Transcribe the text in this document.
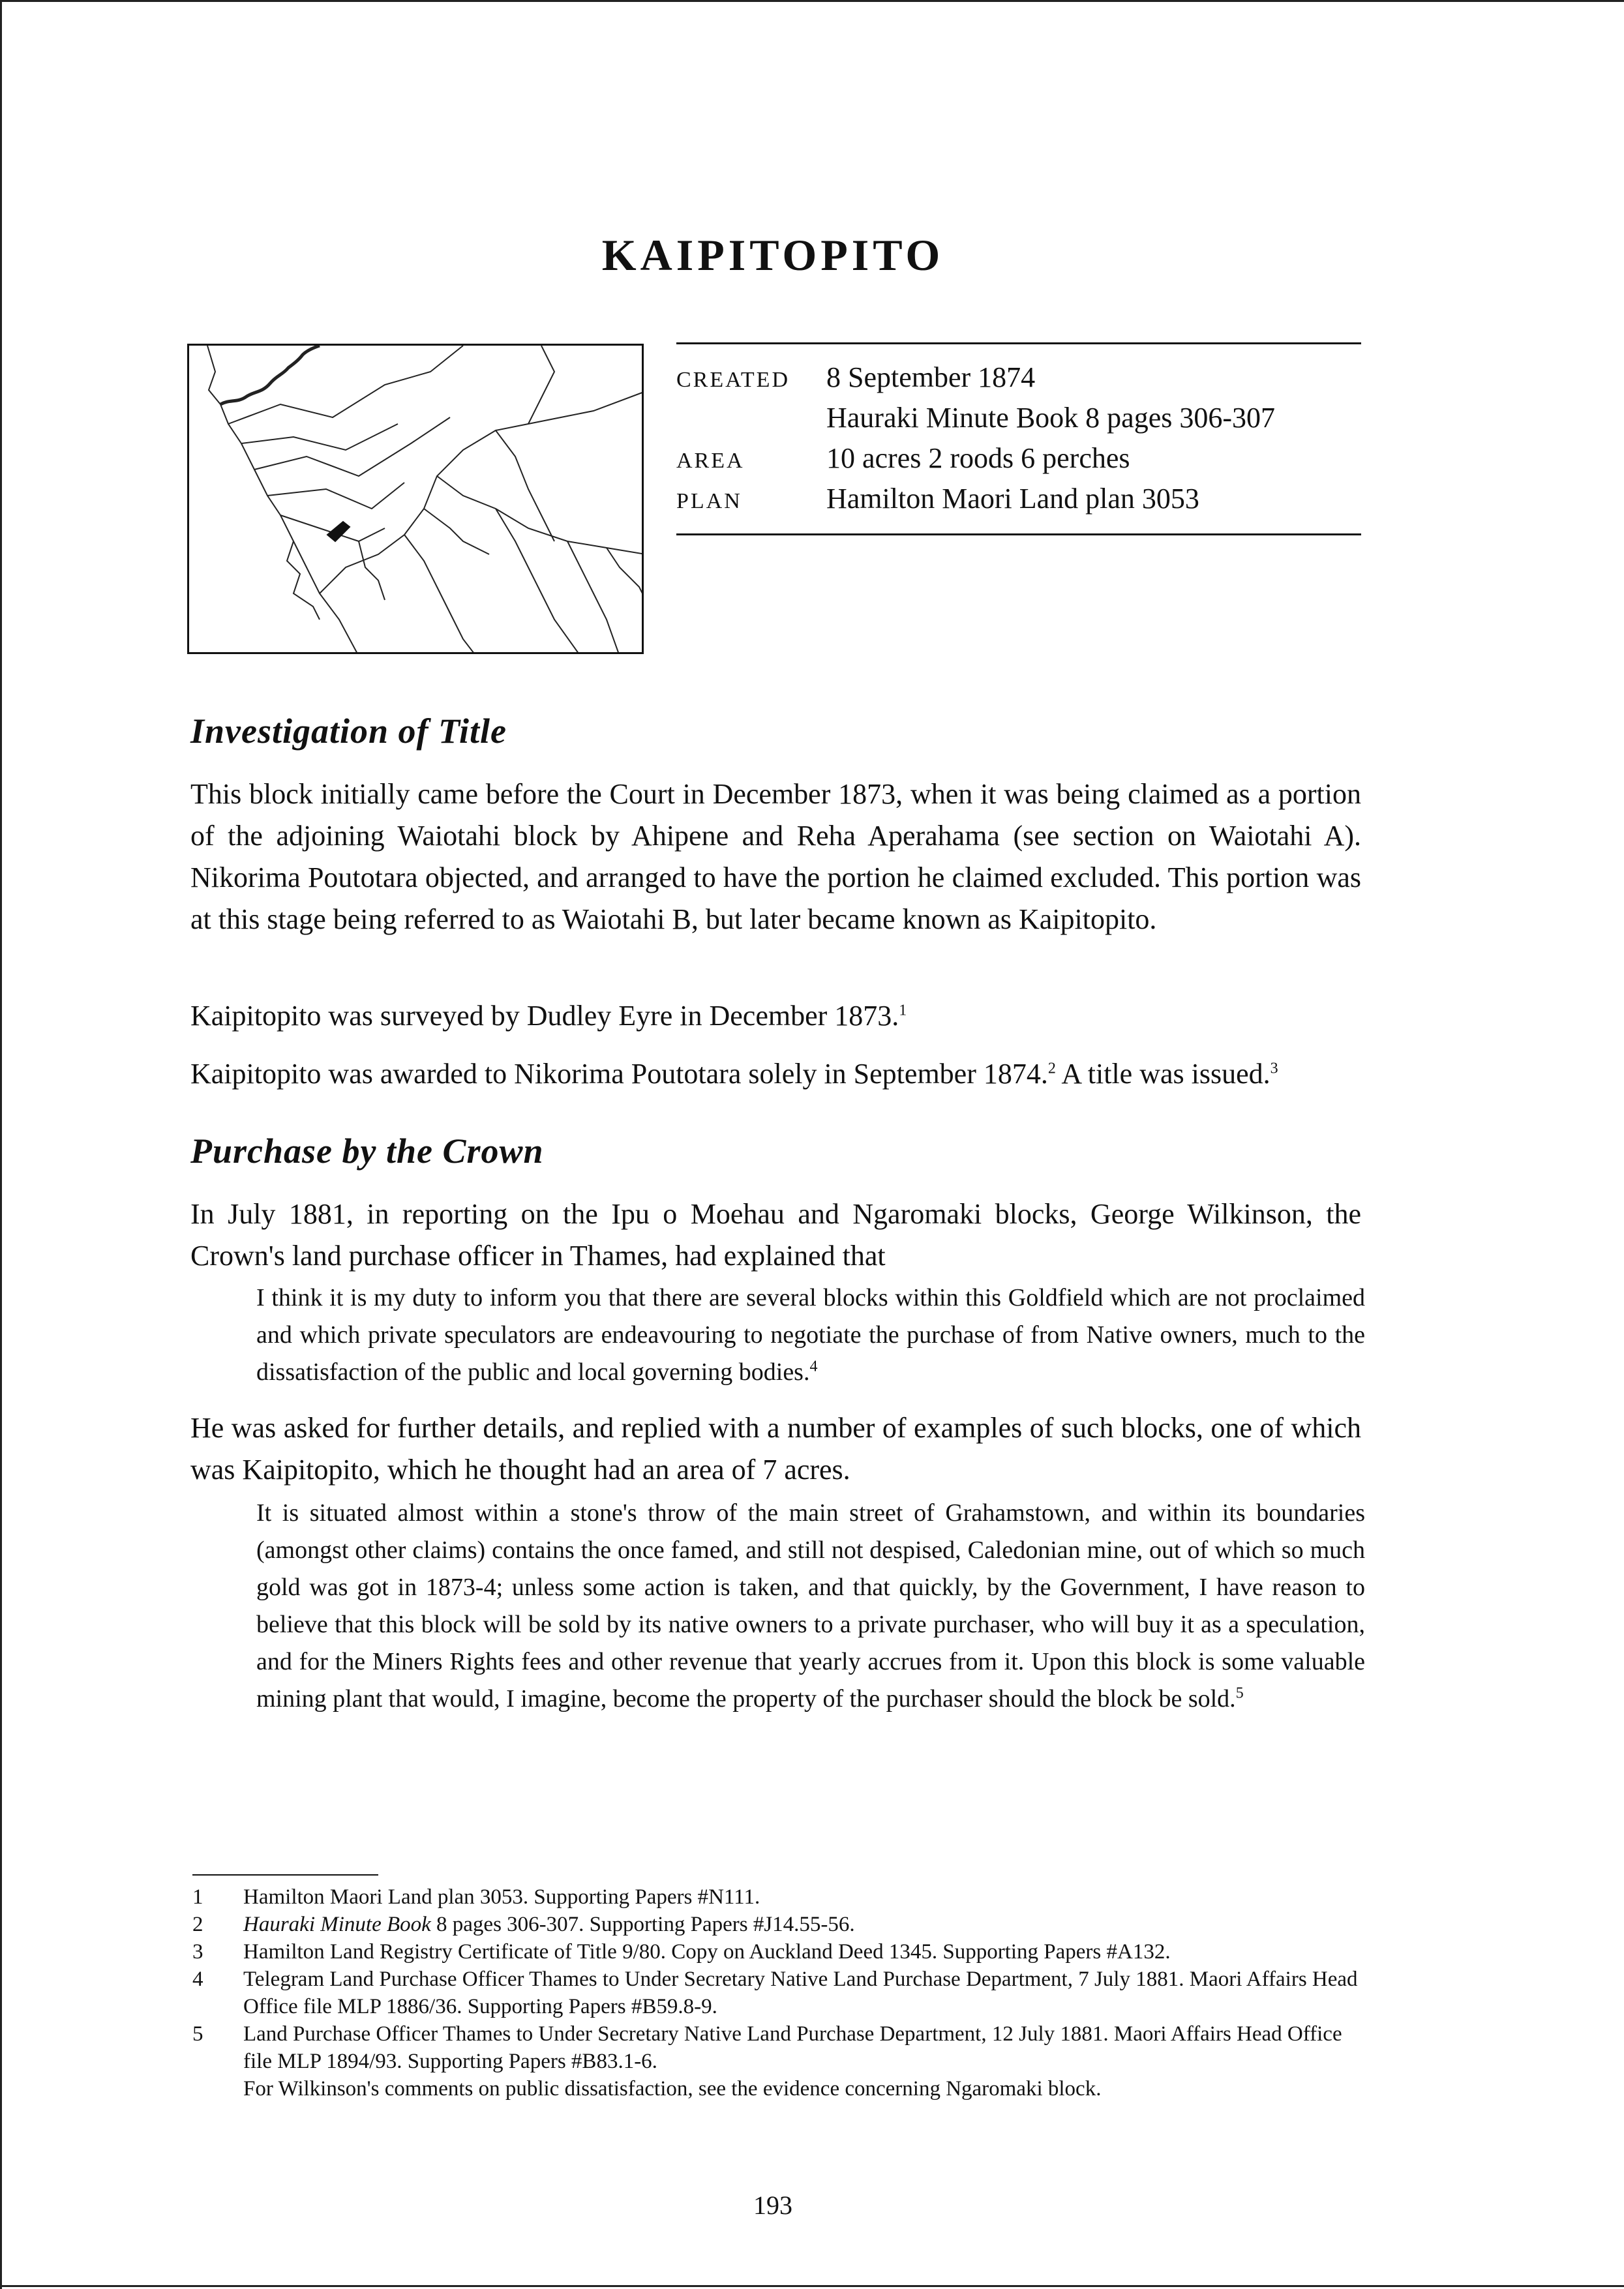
KAIPITOPITO
CREATED	8 September 1874
Hauraki Minute Book 8 pages 306-307
AREA	10 acres 2 roods 6 perches
PLAN	Hamilton Maori Land plan 3053
Investigation of Title

This block initially came before the Court in December 1873, when it was being claimed as a portion of the adjoining Waiotahi block by Ahipene and Reha Aperahama (see section on Waiotahi A). Nikorima Poutotara objected, and arranged to have the portion he claimed excluded. This portion was at this stage being referred to as Waiotahi B, but later became known as Kaipitopito.

Kaipitopito was surveyed by Dudley Eyre in December 1873.$^1$

Kaipitopito was awarded to Nikorima Poutotara solely in September 1874.$^2$ A title was issued.$^3$

Purchase by the Crown

In July 1881, in reporting on the Ipu o Moehau and Ngaromaki blocks, George Wilkinson, the Crown's land purchase officer in Thames, had explained that

I think it is my duty to inform you that there are several blocks within this Goldfield which are not proclaimed and which private speculators are endeavouring to negotiate the purchase of from Native owners, much to the dissatisfaction of the public and local governing bodies.$^4$

He was asked for further details, and replied with a number of examples of such blocks, one of which was Kaipitopito, which he thought had an area of 7 acres.

It is situated almost within a stone's throw of the main street of Grahamstown, and within its boundaries (amongst other claims) contains the once famed, and still not despised, Caledonian mine, out of which so much gold was got in 1873-4; unless some action is taken, and that quickly, by the Government, I have reason to believe that this block will be sold by its native owners to a private purchaser, who will buy it as a speculation, and for the Miners Rights fees and other revenue that yearly accrues from it. Upon this block is some valuable mining plant that would, I imagine, become the property of the purchaser should the block be sold.$^5$

1	Hamilton Maori Land plan 3053. Supporting Papers #N111.
2	Hauraki Minute Book 8 pages 306-307. Supporting Papers #J14.55-56.
3	Hamilton Land Registry Certificate of Title 9/80. Copy on Auckland Deed 1345. Supporting Papers #A132.
4	Telegram Land Purchase Officer Thames to Under Secretary Native Land Purchase Department, 7 July 1881. Maori Affairs Head Office file MLP 1886/36. Supporting Papers #B59.8-9.
5	Land Purchase Officer Thames to Under Secretary Native Land Purchase Department, 12 July 1881. Maori Affairs Head Office file MLP 1894/93. Supporting Papers #B83.1-6.
For Wilkinson's comments on public dissatisfaction, see the evidence concerning Ngaromaki block.
193
